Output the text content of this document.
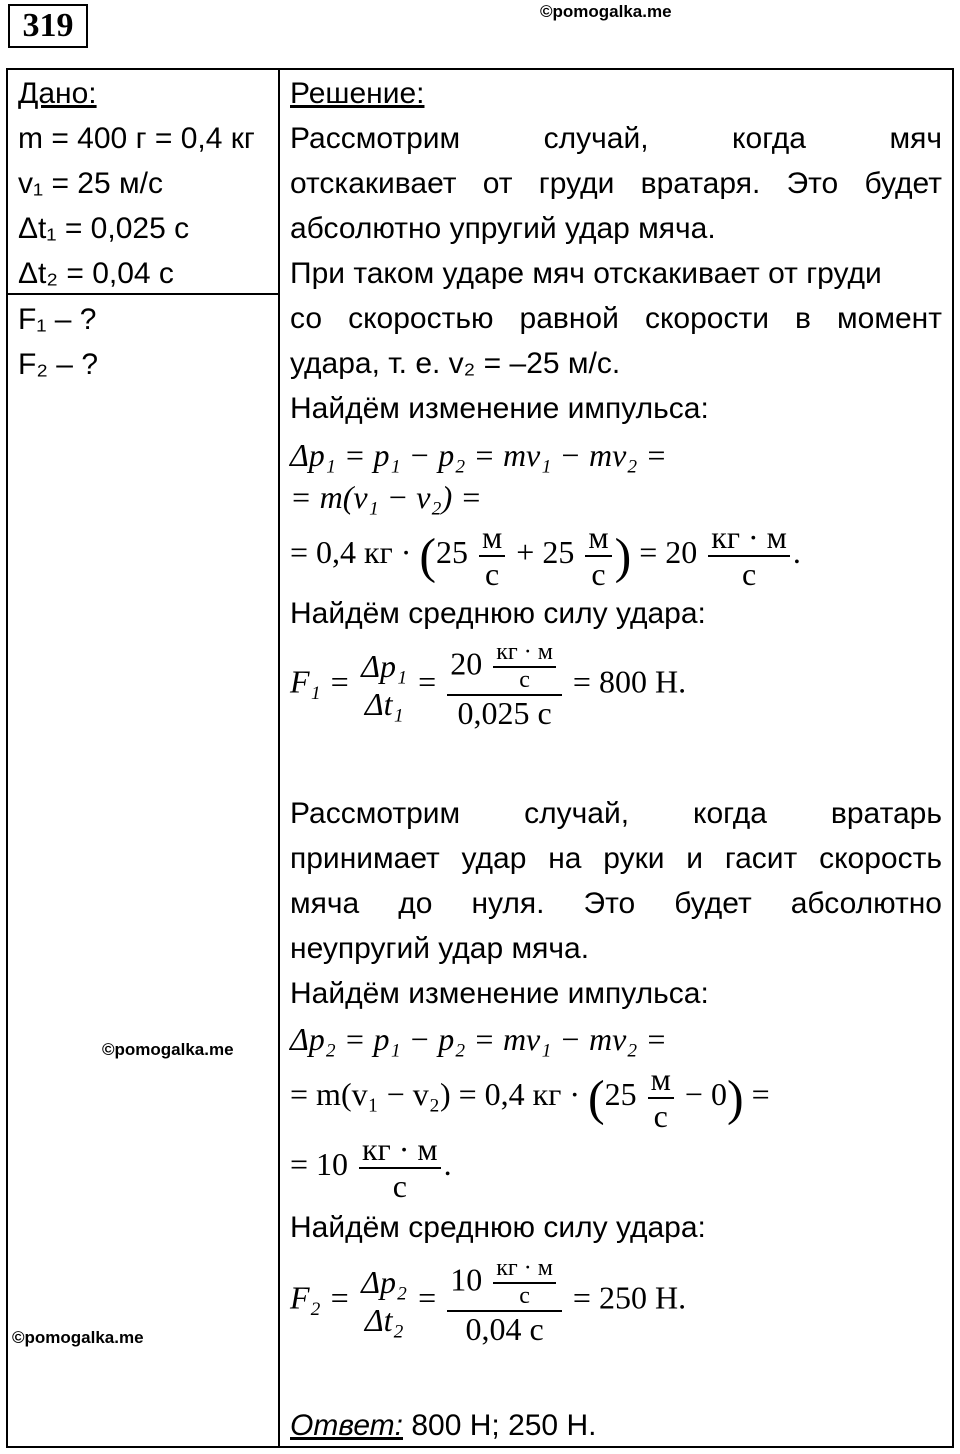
319	©pomogalka.me
Дано:
m = 400 г = 0,4 кг
v₁ = 25 м/с
Δt₁ = 0,025 с
Δt₂ = 0,04 с
F₁ – ?
F₂ – ?
©pomogalka.me
©pomogalka.me
Решение:
Рассмотрим	случай,	когда	мяч
отскакивает от груди вратаря. Это будет
абсолютно упругий удар мяча.
При таком ударе мяч отскакивает от груди
со скоростью равной скорости в момент
удара, т. е. v₂ = –25 м/с.
Найдём изменение импульса:
Δp₁ = p₁ − p₂ = mv₁ − mv₂ =
= m(v₁ − v₂) =
= 0,4 кг · (25 м
с
+ 25 м
с ) = 20 кг · м
с
.
Найдём среднюю силу удара:
F₁ = Δp₁
Δt₁
=
20 кг · м
с
0,025 с
= 800 Н.
Рассмотрим случай, когда вратарь
принимает удар на руки и гасит скорость
мяча до нуля. Это будет абсолютно
неупругий удар мяча.
Найдём изменение импульса:
Δp₂ = p₁ − p₂ = mv₁ − mv₂ =
= m(v₁ − v₂) = 0,4 кг · (25 м
с
− 0) =
= 10 кг · м
с
.
Найдём среднюю силу удара:
F₂ = Δp₂
Δt₂
=
10 кг · м
с
0,04 с
= 250 Н.
Ответ: 800 Н; 250 Н.
